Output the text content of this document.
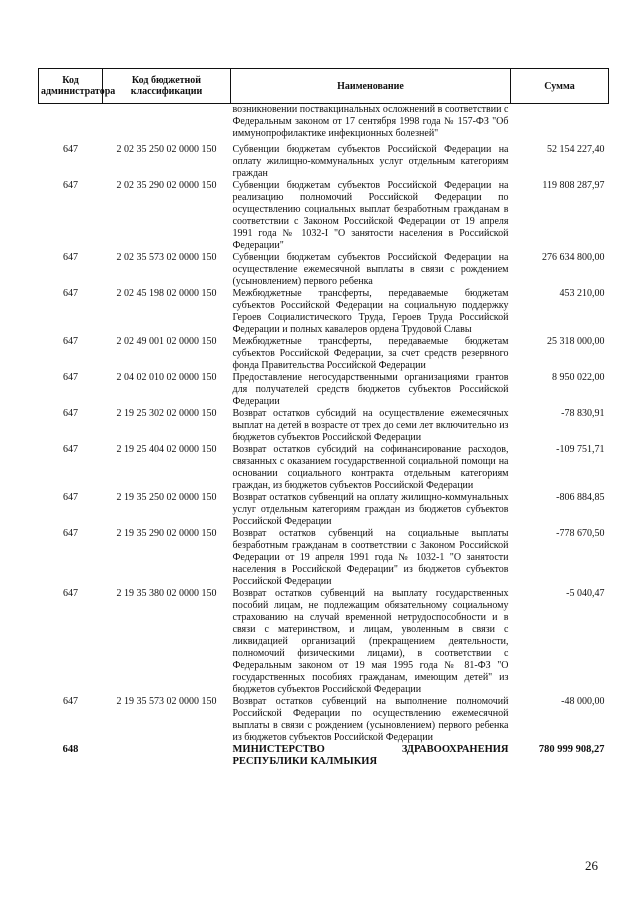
Код администратора	Код бюджетной классификации	Наименование	Сумма
		возникновении поствакцинальных осложнений в соответствии с Федеральным законом от 17 сентября 1998 года № 157-ФЗ "Об иммунопрофилактике инфекционных болезней"	
647	2 02 35 250 02 0000 150	Субвенции бюджетам субъектов Российской Федерации на оплату жилищно-коммунальных услуг отдельным категориям граждан	52 154 227,40
647	2 02 35 290 02 0000 150	Субвенции бюджетам субъектов Российской Федерации на реализацию полномочий Российской Федерации по осуществлению социальных выплат безработным гражданам в соответствии с Законом Российской Федерации от 19 апреля 1991 года № 1032-I "О занятости населения в Российской Федерации"	119 808 287,97
647	2 02 35 573 02 0000 150	Субвенции бюджетам субъектов Российской Федерации на осуществление ежемесячной выплаты в связи с рождением (усыновлением) первого ребенка	276 634 800,00
647	2 02 45 198 02 0000 150	Межбюджетные трансферты, передаваемые бюджетам субъектов Российской Федерации на социальную поддержку Героев Социалистического Труда, Героев Труда Российской Федерации и полных кавалеров ордена Трудовой Славы	453 210,00
647	2 02 49 001 02 0000 150	Межбюджетные трансферты, передаваемые бюджетам субъектов Российской Федерации, за счет средств резервного фонда Правительства Российской Федерации	25 318 000,00
647	2 04 02 010 02 0000 150	Предоставление негосударственными организациями грантов для получателей средств бюджетов субъектов Российской Федерации	8 950 022,00
647	2 19 25 302 02 0000 150	Возврат остатков субсидий на осуществление ежемесячных выплат на детей в возрасте от трех до семи лет включительно из бюджетов субъектов Российской Федерации	-78 830,91
647	2 19 25 404 02 0000 150	Возврат остатков субсидий на софинансирование расходов, связанных с оказанием государственной социальной помощи на основании социального контракта отдельным категориям граждан, из бюджетов субъектов Российской Федерации	-109 751,71
647	2 19 35 250 02 0000 150	Возврат остатков субвенций на оплату жилищно-коммунальных услуг отдельным категориям граждан из бюджетов субъектов Российской Федерации	-806 884,85
647	2 19 35 290 02 0000 150	Возврат остатков субвенций на социальные выплаты безработным гражданам в соответствии с Законом Российской Федерации от 19 апреля 1991 года № 1032-1 "О занятости населения в Российской Федерации" из бюджетов субъектов Российской Федерации	-778 670,50
647	2 19 35 380 02 0000 150	Возврат остатков субвенций на выплату государственных пособий лицам, не подлежащим обязательному социальному страхованию на случай временной нетрудоспособности и в связи с материнством, и лицам, уволенным в связи с ликвидацией организаций (прекращением деятельности, полномочий физическими лицами), в соответствии с Федеральным законом от 19 мая 1995 года № 81-ФЗ "О государственных пособиях гражданам, имеющим детей" из бюджетов субъектов Российской Федерации	-5 040,47
647	2 19 35 573 02 0000 150	Возврат остатков субвенций на выполнение полномочий Российской Федерации по осуществлению ежемесячной выплаты в связи с рождением (усыновлением) первого ребенка из бюджетов субъектов Российской Федерации	-48 000,00
648		МИНИСТЕРСТВО ЗДРАВООХРАНЕНИЯ РЕСПУБЛИКИ КАЛМЫКИЯ	780 999 908,27
26
